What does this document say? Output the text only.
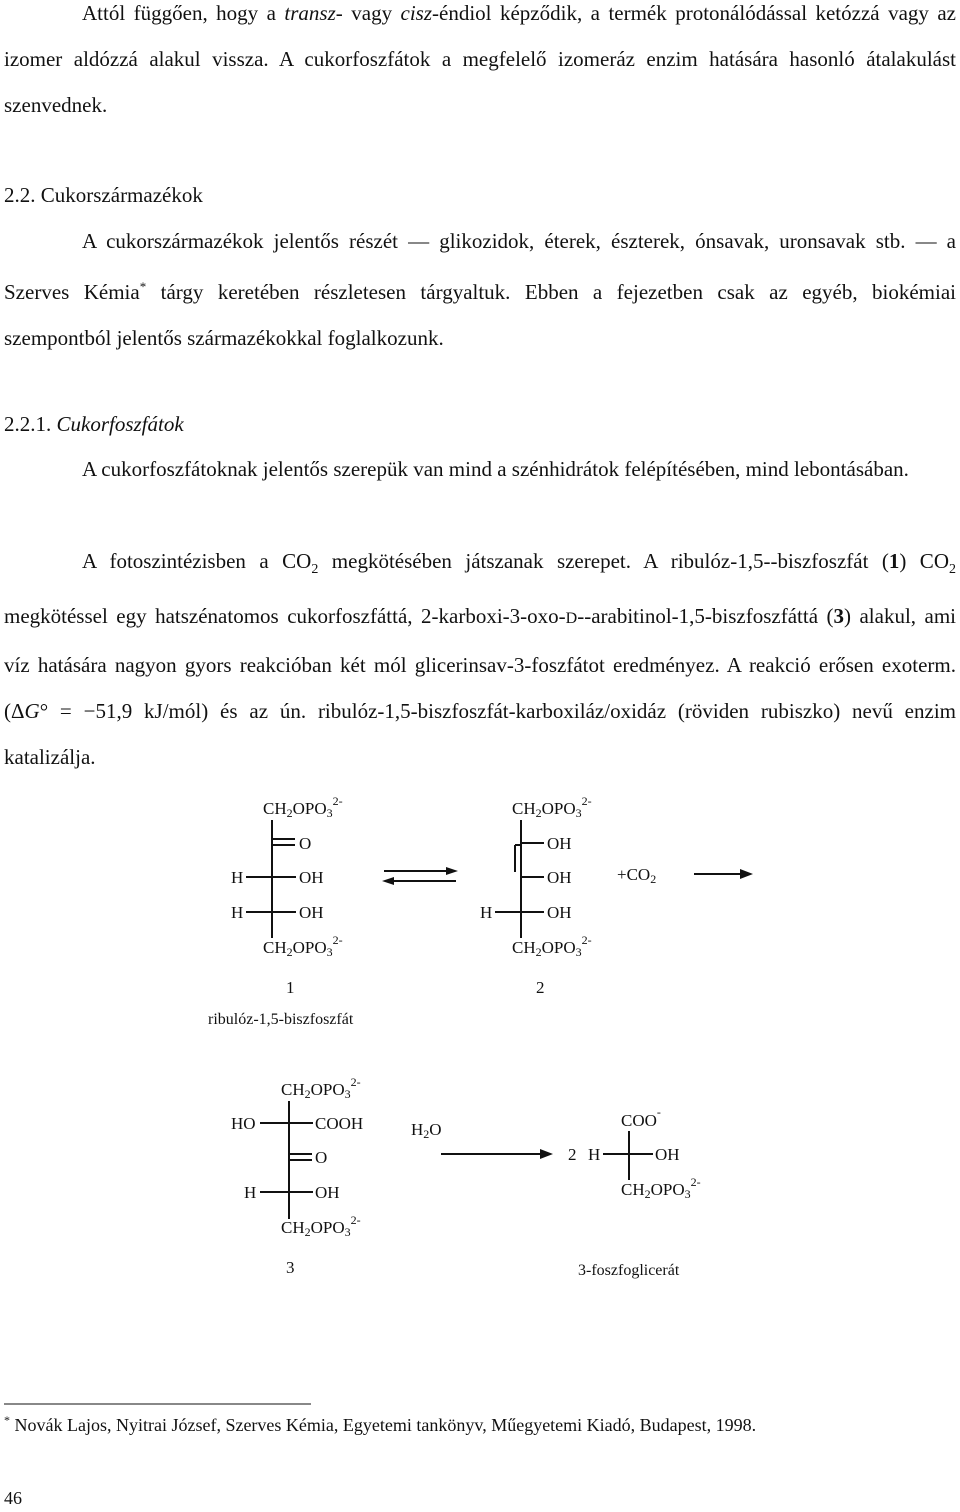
Attól függően, hogy a transz- vagy cisz-éndiol képződik, a termék protonálódással ketózzá vagy az izomer aldózzá alakul vissza. A cukorfoszfátok a megfelelő izomeráz enzim hatására hasonló átalakulást szenvednek.
2.2. Cukorszármazékok
A cukorszármazékok jelentős részét — glikozidok, éterek, észterek, ónsavak, uronsavak stb. — a Szerves Kémia* tárgy keretében részletesen tárgyaltuk. Ebben a fejezetben csak az egyéb, biokémiai szempontból jelentős származékokkal foglalkozunk.
2.2.1. Cukorfoszfátok
A cukorfoszfátoknak jelentős szerepük van mind a szénhidrátok felépítésében, mind lebontásában.
A fotoszintézisben a $CO_2$ megkötésében játszanak szerepet. A ribulóz-1,5--biszfoszfát (1) $CO_2$ megkötéssel egy hatszénatomos cukorfoszfáttá, 2-karboxi-3-oxo-D--arabitinol-1,5-biszfoszfáttá (3) alakul, ami víz hatására nagyon gyors reakcióban két mól glicerinsav-3-foszfátot eredményez. A reakció erősen exoterm. (ΔG° = −51,9 kJ/mól) és az ún. ribulóz-1,5-biszfoszfát-karboxiláz/oxidáz (röviden rubiszko) nevű enzim katalizálja.
$CH2OPO3^{2-}$
O
H	OH
H	OH
$CH2OPO3^{2-}$
1
ribulóz-1,5-biszfoszfát
$CH2OPO3^{2-}$
OH
OH
H	OH
$CH2OPO3^{2-}$
2
+CO2
$CH2OPO3^{2-}$
HO	COOH
O
H	OH
$CH2OPO3^{2-}$
3
H2O
2 H
COO-
OH
$CH2OPO3^{2-}$
3-foszfoglicerát
* Novák Lajos, Nyitrai József, Szerves Kémia, Egyetemi tankönyv, Műegyetemi Kiadó, Budapest, 1998.
46
